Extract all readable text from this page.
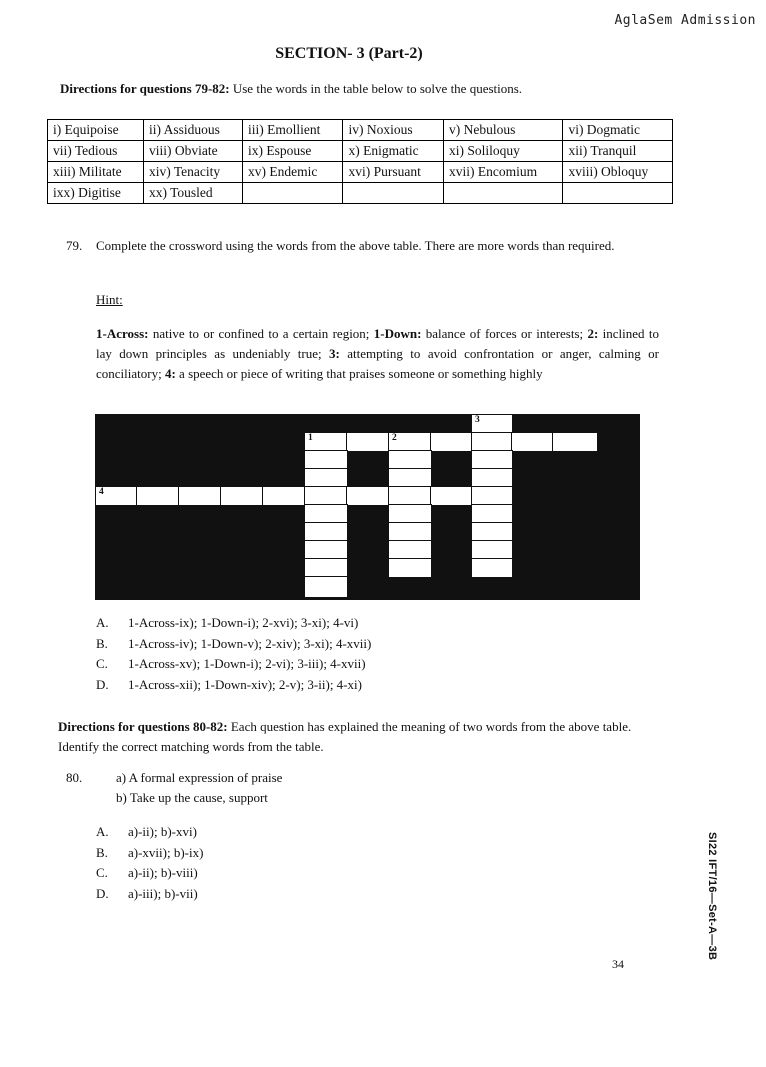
AglaSem Admission
SECTION- 3 (Part-2)
Directions for questions 79-82: Use the words in the table below to solve the questions.
i) Equipoise	ii) Assiduous	iii) Emollient	iv) Noxious	v) Nebulous	vi) Dogmatic
vii) Tedious	viii) Obviate	ix) Espouse	x) Enigmatic	xi) Soliloquy	xii) Tranquil
xiii) Militate	xiv) Tenacity	xv) Endemic	xvi) Pursuant	xvii) Encomium	xviii) Obloquy
ixx) Digitise	xx) Tousled				
79. Complete the crossword using the words from the above table. There are more words than required.
Hint:
1-Across: native to or confined to a certain region; 1-Down: balance of forces or interests; 2: inclined to lay down principles as undeniably true; 3: attempting to avoid confrontation or anger, calming or conciliatory; 4: a speech or piece of writing that praises someone or something highly
3
1	2
4
A. 1-Across-ix); 1-Down-i); 2-xvi); 3-xi); 4-vi)
B. 1-Across-iv); 1-Down-v); 2-xiv); 3-xi); 4-xvii)
C. 1-Across-xv); 1-Down-i); 2-vi); 3-iii); 4-xvii)
D. 1-Across-xii); 1-Down-xiv); 2-v); 3-ii); 4-xi)
Directions for questions 80-82: Each question has explained the meaning of two words from the above table. Identify the correct matching words from the table.
80.	a) A formal expression of praise
b) Take up the cause, support
A. a)-ii); b)-xvi)
B. a)-xvii); b)-ix)
C. a)-ii); b)-viii)
D. a)-iii); b)-vii)
34
SI22 IFT/16—Set-A—3B
